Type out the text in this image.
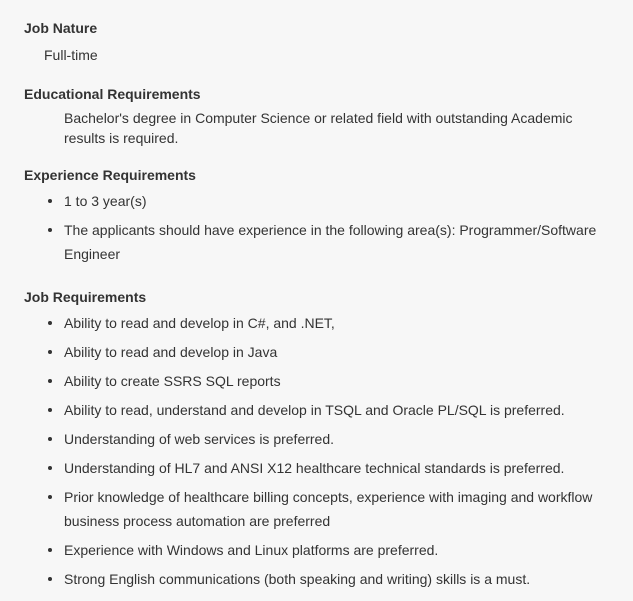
Job Nature
Full-time
Educational Requirements
Bachelor's degree in Computer Science or related field with outstanding Academic results is required.
Experience Requirements
1 to 3 year(s)
The applicants should have experience in the following area(s): Programmer/Software Engineer
Job Requirements
Ability to read and develop in C#, and .NET,
Ability to read and develop in Java
Ability to create SSRS SQL reports
Ability to read, understand and develop in TSQL and Oracle PL/SQL is preferred.
Understanding of web services is preferred.
Understanding of HL7 and ANSI X12 healthcare technical standards is preferred.
Prior knowledge of healthcare billing concepts, experience with imaging and workflow business process automation are preferred
Experience with Windows and Linux platforms are preferred.
Strong English communications (both speaking and writing) skills is a must.
